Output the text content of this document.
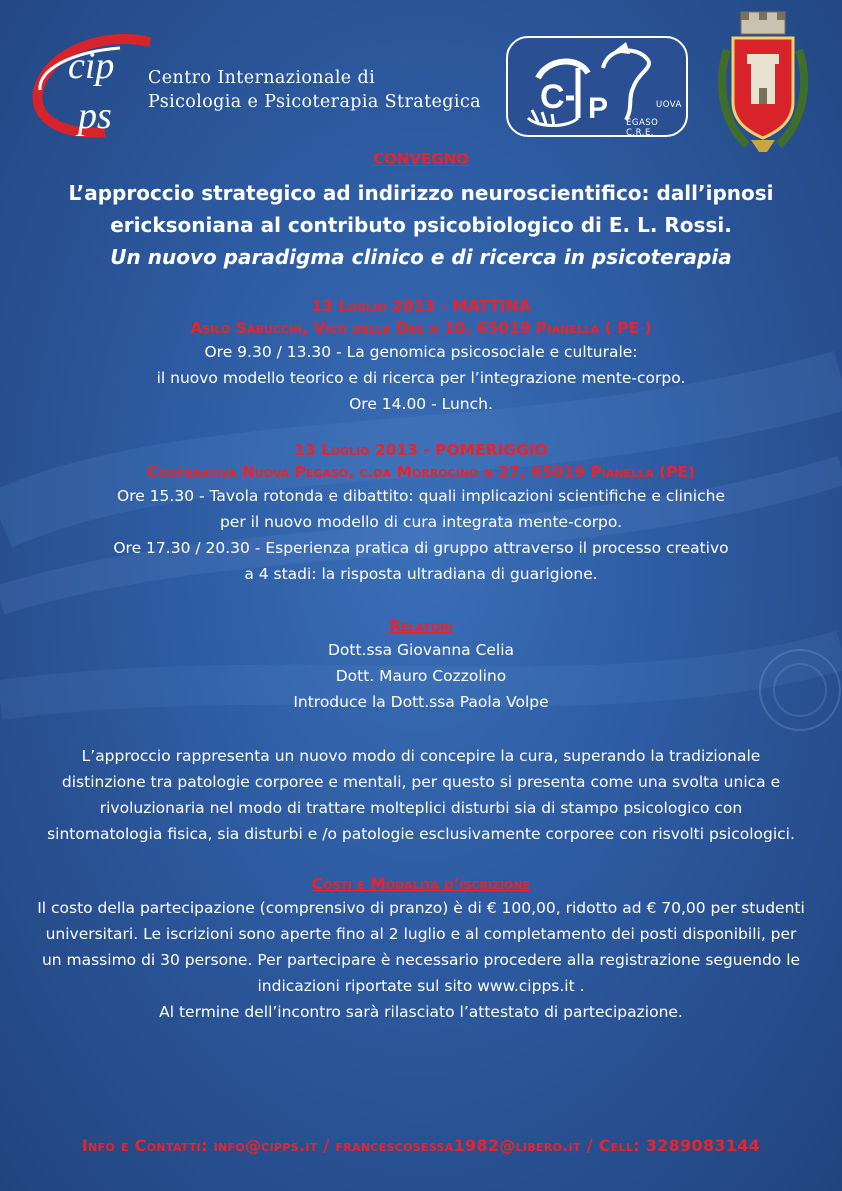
cip
ps
Centro Internazionale di
Psicologia e Psicoterapia Strategica C P	UOVA
EGASO C.R.E.
CONVEGNO
L’approccio strategico ad indirizzo neuroscientifico: dall’ipnosi
ericksoniana al contributo psicobiologico di E. L. Rossi.
Un nuovo paradigma clinico e di ricerca in psicoterapia
13 Luglio 2013 - MATTINA
Asilo Sabucchi, Vico delle Dee n 10, 65019 Pianella ( PE )
Ore 9.30 / 13.30 - La genomica psicosociale e culturale:
il nuovo modello teorico e di ricerca per l’integrazione mente-corpo.
Ore 14.00 - Lunch.
13 Luglio 2013 - POMERIGGIO
Cooperativa Nuova Pegaso, c.da Morrocino n 27, 65019 Pianella (PE)
Ore 15.30 - Tavola rotonda e dibattito: quali implicazioni scientifiche e cliniche
per il nuovo modello di cura integrata mente-corpo.
Ore 17.30 / 20.30 - Esperienza pratica di gruppo attraverso il processo creativo
a 4 stadi: la risposta ultradiana di guarigione.
Relatori
Dott.ssa Giovanna Celia
Dott. Mauro Cozzolino
Introduce la Dott.ssa Paola Volpe
L’approccio rappresenta un nuovo modo di concepire la cura, superando la tradizionale distinzione tra patologie corporee e mentali, per questo si presenta come una svolta unica e rivoluzionaria nel modo di trattare molteplici disturbi sia di stampo psicologico con sintomatologia fisica, sia disturbi e /o patologie esclusivamente corporee con risvolti psicologici.
Costi e Modalità d’iscrizione
Il costo della partecipazione (comprensivo di pranzo) è di € 100,00, ridotto ad € 70,00 per studenti universitari. Le iscrizioni sono aperte fino al 2 luglio e al completamento dei posti disponibili, per un massimo di 30 persone. Per partecipare è necessario procedere alla registrazione seguendo le indicazioni riportate sul sito www.cipps.it .
Al termine dell’incontro sarà rilasciato l’attestato di partecipazione.
Info e Contatti: info@cipps.it / francescosessa1982@libero.it / Cell: 3289083144
